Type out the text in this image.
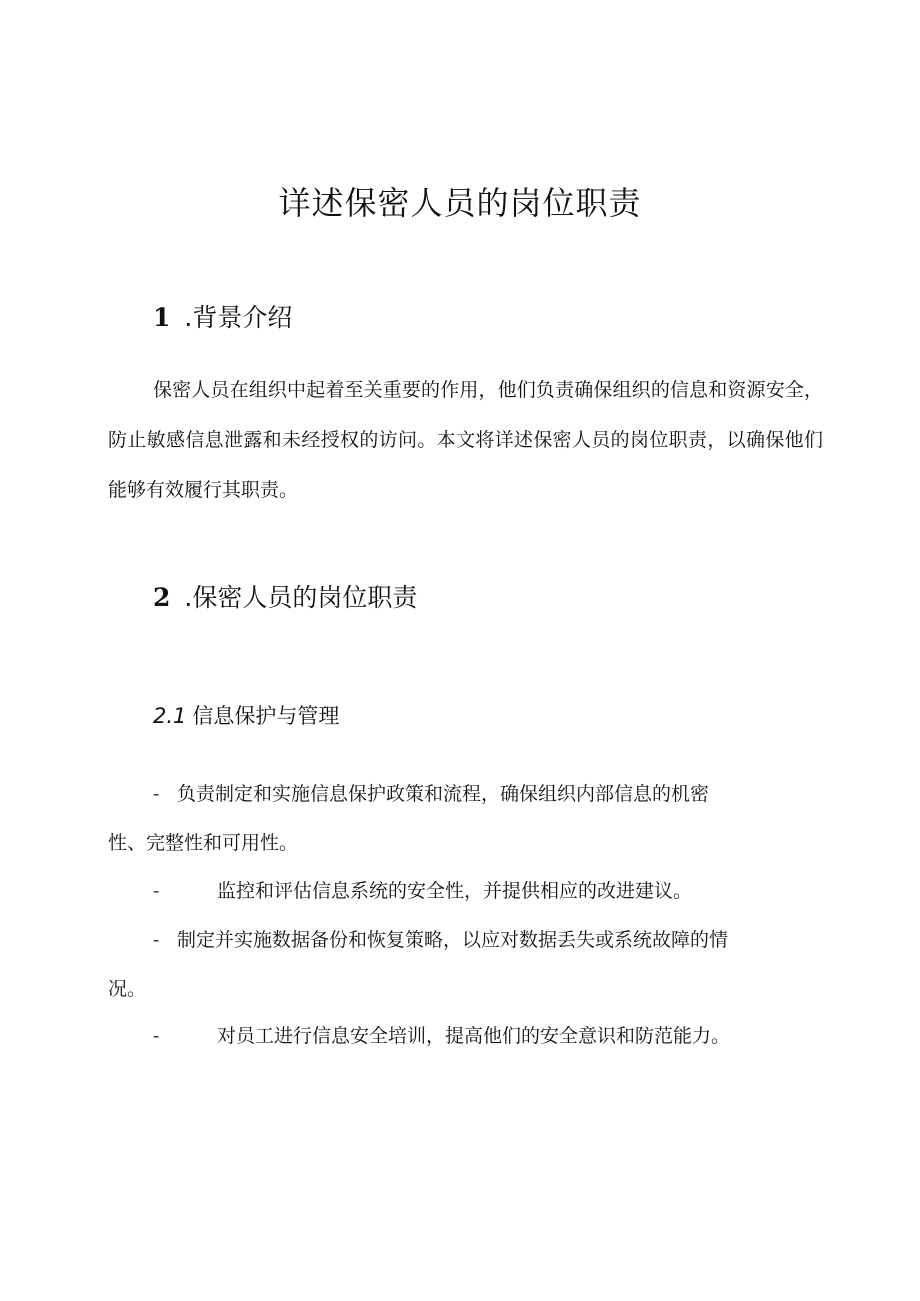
详述保密人员的岗位职责
1 .背景介绍

保密人员在组织中起着至关重要的作用，他们负责确保组织的信息和资源安全，防止敏感信息泄露和未经授权的访问。本文将详述保密人员的岗位职责，以确保他们能够有效履行其职责。

2 .保密人员的岗位职责
2.1 信息保护与管理
- 负责制定和实施信息保护政策和流程，确保组织内部信息的机密
性、完整性和可用性。
-	监控和评估信息系统的安全性，并提供相应的改进建议。
- 制定并实施数据备份和恢复策略，以应对数据丢失或系统故障的情
况。
-	对员工进行信息安全培训，提高他们的安全意识和防范能力。
